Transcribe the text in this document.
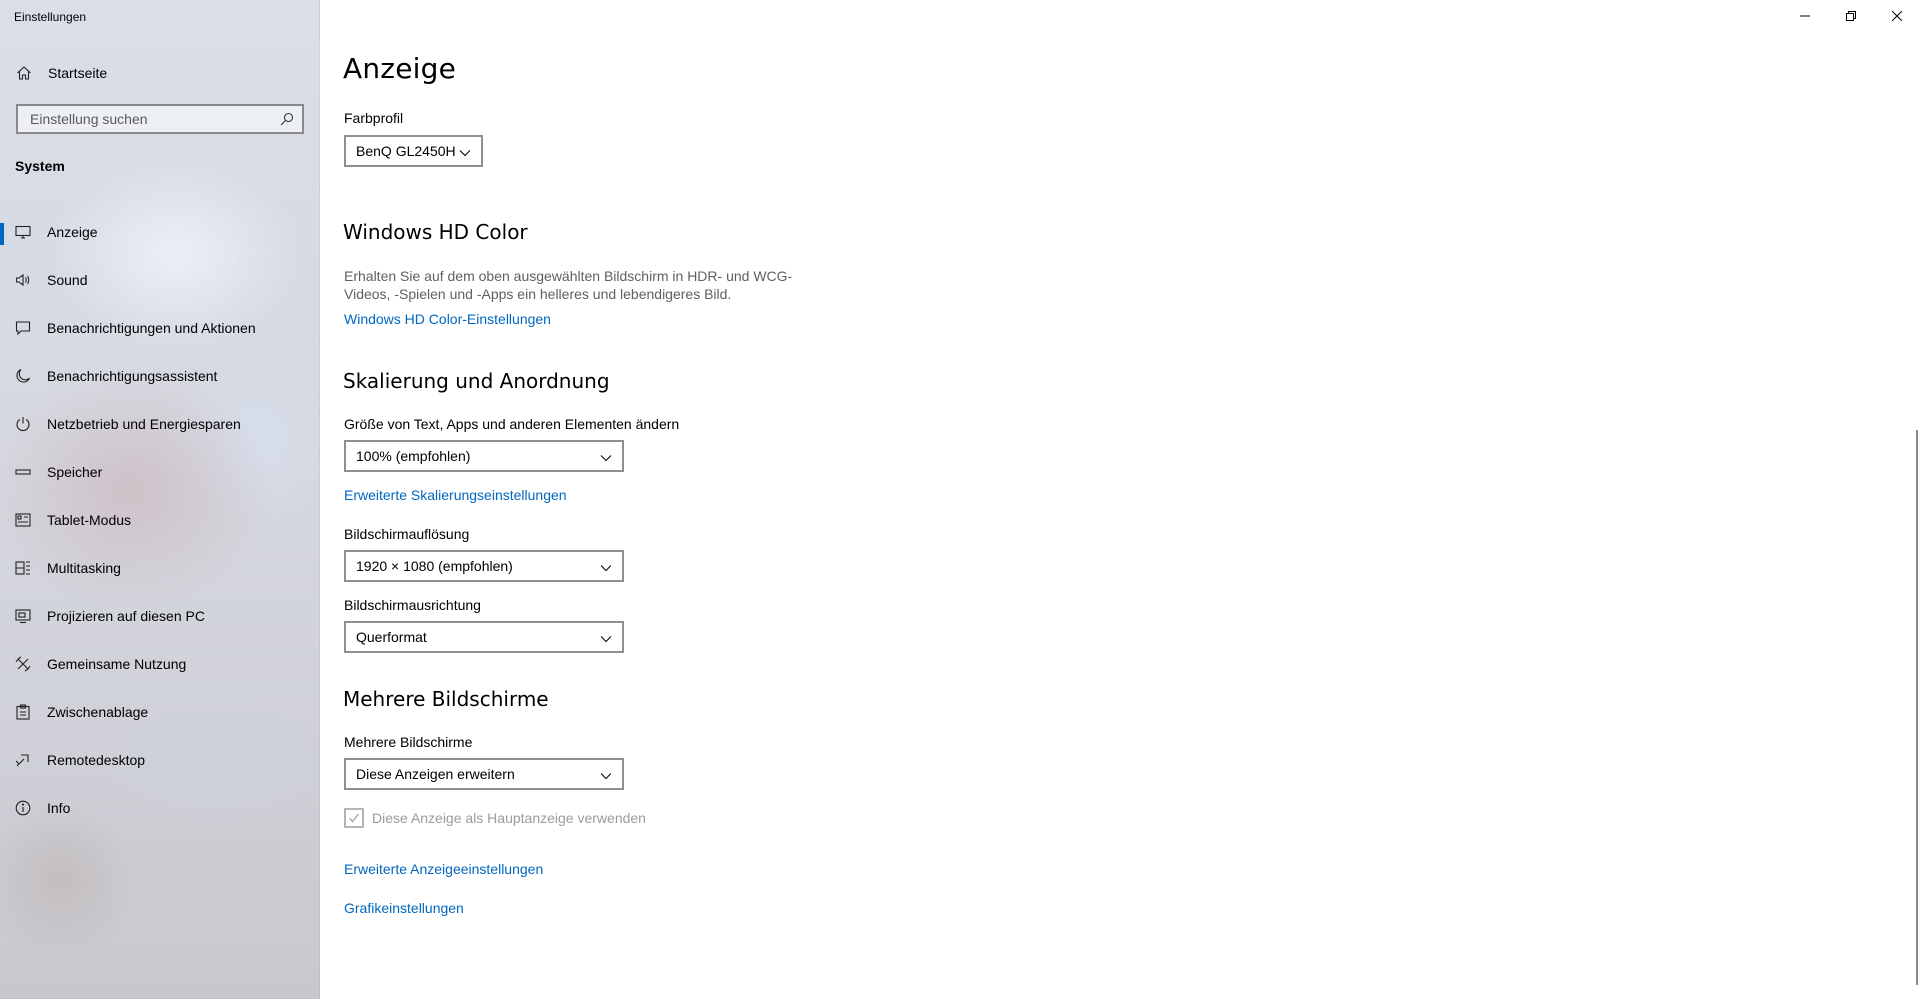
Einstellungen
Startseite
Einstellung suchen
System
Anzeige
Sound
Benachrichtigungen und Aktionen
Benachrichtigungsassistent
Netzbetrieb und Energiesparen
Speicher
Tablet-Modus
Multitasking
Projizieren auf diesen PC
Gemeinsame Nutzung
Zwischenablage
Remotedesktop
Info
Anzeige
Farbprofil
BenQ GL2450H
Windows HD Color
Erhalten Sie auf dem oben ausgewählten Bildschirm in HDR- und WCG-Videos, -Spielen und -Apps ein helleres und lebendigeres Bild.
Windows HD Color-Einstellungen
Skalierung und Anordnung
Größe von Text, Apps und anderen Elementen ändern
100% (empfohlen)
Erweiterte Skalierungseinstellungen
Bildschirmauflösung
1920 × 1080 (empfohlen)
Bildschirmausrichtung
Querformat
Mehrere Bildschirme
Mehrere Bildschirme
Diese Anzeigen erweitern
Diese Anzeige als Hauptanzeige verwenden
Erweiterte Anzeigeeinstellungen
Grafikeinstellungen
